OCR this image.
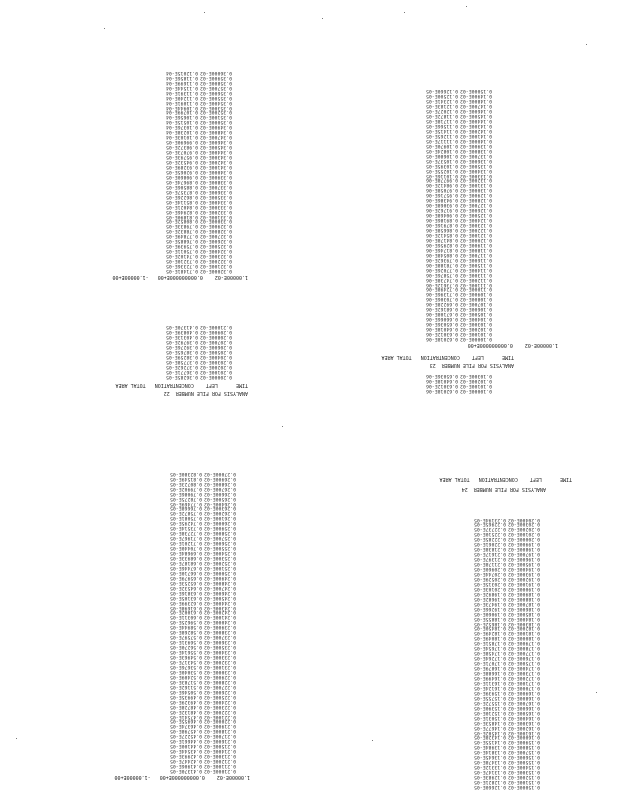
ANALYSIS FOR FILE NUMBER  22
TIME      LEFT    CONCENTRATION   TOTAL AREA
0.20000E-02
0.20100E-02
0.20200E-02
0.20300E-02
0.20400E-02
0.20500E-02
0.20600E-02
0.20700E-02
0.20800E-02
0.20900E-02
0.21000E-02
0.36285E-05
0.36771E-05
0.37262E-05
0.37758E-05
0.38259E-05
0.38765E-05
0.39276E-05
0.39792E-05
0.40313E-05
0.40839E-05
0.41370E-05
1.00000E-02    0.000000000E+00   -1.00000E+00
0.32000E-02
0.32100E-02
0.32200E-02
0.32300E-02
0.32400E-02
0.32500E-02
0.32600E-02
0.32700E-02
0.32800E-02
0.32900E-02
0.33000E-02
0.33100E-02
0.33200E-02
0.33300E-02
0.33400E-02
0.33500E-02
0.33600E-02
0.33700E-02
0.33800E-02
0.33900E-02
0.34000E-02
0.34100E-02
0.34200E-02
0.34300E-02
0.34400E-02
0.34500E-02
0.34600E-02
0.34700E-02
0.34800E-02
0.34900E-02
0.35000E-02
0.35100E-02
0.35200E-02
0.35300E-02
0.35400E-02
0.35500E-02
0.35600E-02
0.35700E-02
0.35800E-02
0.35900E-02
0.36000E-02
0.71481E-05
0.72336E-05
0.73210E-05
0.74102E-05
0.75011E-05
0.75939E-05
0.76885E-05
0.77849E-05
0.78832E-05
0.79833E-05
0.80852E-05
0.81890E-05
0.82946E-05
0.84021E-05
0.85114E-05
0.86226E-05
0.87357E-05
0.88506E-05
0.89674E-05
0.90860E-05
0.92065E-05
0.93289E-05
0.94532E-05
0.95793E-05
0.97073E-05
0.98372E-05
0.99690E-05
0.10103E-04
0.10238E-04
0.10376E-04
0.10515E-04
0.10656E-04
0.10799E-04
0.10944E-04
0.11091E-04
0.11240E-04
0.11391E-04
0.11544E-04
0.11699E-04
0.11856E-04
0.12015E-04
0.10000E-02
0.10100E-02
0.10200E-02
0.10300E-02
0.62018E-06
0.63012E-06
0.64018E-06
0.65036E-06
ANALYSIS FOR FILE NUMBER  23
TIME      LEFT    CONCENTRATION   TOTAL AREA
1.00000E-02    0.000000000E+00
0.10000E-02
0.10100E-02
0.10200E-02
0.10300E-02
0.10400E-02
0.10500E-02
0.10600E-02
0.10700E-02
0.10800E-02
0.10900E-02
0.11000E-02
0.11100E-02
0.11200E-02
0.11300E-02
0.11400E-02
0.11500E-02
0.11600E-02
0.11700E-02
0.11800E-02
0.11900E-02
0.12000E-02
0.12100E-02
0.12200E-02
0.12300E-02
0.12400E-02
0.12500E-02
0.12600E-02
0.12700E-02
0.12800E-02
0.12900E-02
0.13000E-02
0.13100E-02
0.13200E-02
0.13300E-02
0.13400E-02
0.13500E-02
0.13600E-02
0.13700E-02
0.13800E-02
0.13900E-02
0.14000E-02
0.14100E-02
0.14200E-02
0.14300E-02
0.14400E-02
0.14500E-02
0.14600E-02
0.14700E-02
0.14800E-02
0.14900E-02
0.15000E-02
0.62018E-06
0.63012E-06
0.64018E-06
0.65036E-06
0.66066E-06
0.67108E-06
0.68162E-06
0.69228E-06
0.70306E-06
0.71396E-06
0.72498E-06
0.73612E-06
0.74738E-06
0.75876E-06
0.77026E-06
0.78188E-06
0.79362E-06
0.80548E-06
0.81746E-06
0.82956E-06
0.84178E-06
0.85412E-06
0.86658E-06
0.87916E-06
0.89186E-06
0.90468E-06
0.91762E-06
0.93068E-06
0.94386E-06
0.95716E-06
0.97058E-06
0.98412E-06
0.99778E-06
0.10116E-05
0.10255E-05
0.10395E-05
0.10537E-05
0.10680E-05
0.10824E-05
0.10970E-05
0.11117E-05
0.11265E-05
0.11415E-05
0.11566E-05
0.11718E-05
0.11872E-05
0.12027E-05
0.12183E-05
0.12341E-05
0.12500E-05
0.12660E-05
1.00000E-02    0.000000000E+00   -1.00000E+00
0.21000E-02
0.21100E-02
0.21200E-02
0.21300E-02
0.21400E-02
0.21500E-02
0.21600E-02
0.21700E-02
0.21800E-02
0.21900E-02
0.22000E-02
0.22100E-02
0.22200E-02
0.22300E-02
0.22400E-02
0.22500E-02
0.22600E-02
0.22700E-02
0.22800E-02
0.22900E-02
0.23000E-02
0.23100E-02
0.23200E-02
0.23300E-02
0.23400E-02
0.23500E-02
0.23600E-02
0.23700E-02
0.23800E-02
0.23900E-02
0.24000E-02
0.24100E-02
0.24200E-02
0.24300E-02
0.24400E-02
0.24500E-02
0.24600E-02
0.24700E-02
0.24800E-02
0.24900E-02
0.25000E-02
0.25100E-02
0.25200E-02
0.25300E-02
0.25400E-02
0.25500E-02
0.25600E-02
0.25700E-02
0.25800E-02
0.25900E-02
0.26000E-02
0.26100E-02
0.26200E-02
0.26300E-02
0.26400E-02
0.26500E-02
0.26600E-02
0.26700E-02
0.26800E-02
0.26900E-02
0.27000E-02
0.41370E-05
0.41906E-05
0.42447E-05
0.42993E-05
0.43544E-05
0.44100E-05
0.44661E-05
0.45227E-05
0.45798E-05
0.46374E-05
0.46955E-05
0.47541E-05
0.48132E-05
0.48728E-05
0.49329E-05
0.49935E-05
0.50546E-05
0.51162E-05
0.51783E-05
0.52409E-05
0.53040E-05
0.53676E-05
0.54317E-05
0.54963E-05
0.55614E-05
0.56270E-05
0.56931E-05
0.57597E-05
0.58268E-05
0.58944E-05
0.59625E-05
0.60311E-05
0.61002E-05
0.61698E-05
0.62399E-05
0.63105E-05
0.63816E-05
0.64532E-05
0.65253E-05
0.65979E-05
0.66710E-05
0.67446E-05
0.68187E-05
0.68933E-05
0.69684E-05
0.70440E-05
0.71201E-05
0.71967E-05
0.72738E-05
0.73514E-05
0.74295E-05
0.75081E-05
0.75872E-05
0.76668E-05
0.77469E-05
0.78275E-05
0.79086E-05
0.79902E-05
0.80723E-05
0.81549E-05
0.82380E-05
0.15000E-02
0.15100E-02
0.15200E-02
0.15300E-02
0.15400E-02
0.15500E-02
0.15600E-02
0.15700E-02
0.15800E-02
0.15900E-02
0.16000E-02
0.16100E-02
0.16200E-02
0.16300E-02
0.16400E-02
0.16500E-02
0.16600E-02
0.16700E-02
0.16800E-02
0.16900E-02
0.17000E-02
0.17100E-02
0.17200E-02
0.17300E-02
0.17400E-02
0.17500E-02
0.17600E-02
0.17700E-02
0.17800E-02
0.17900E-02
0.18000E-02
0.18100E-02
0.18200E-02
0.18300E-02
0.18400E-02
0.18500E-02
0.18600E-02
0.18700E-02
0.18800E-02
0.18900E-02
0.19000E-02
0.19100E-02
0.19200E-02
0.19300E-02
0.19400E-02
0.19500E-02
0.19600E-02
0.19700E-02
0.19800E-02
0.19900E-02
0.20000E-02
0.20100E-02
0.20200E-02
0.20300E-02
0.20400E-02
0.12660E-05
0.12821E-05
0.12983E-05
0.13147E-05
0.13312E-05
0.13478E-05
0.13645E-05
0.13814E-05
0.13984E-05
0.14155E-05
0.14328E-05
0.14502E-05
0.14677E-05
0.14853E-05
0.15031E-05
0.15210E-05
0.15390E-05
0.15572E-05
0.15755E-05
0.15939E-05
0.16124E-05
0.16311E-05
0.16499E-05
0.16688E-05
0.16879E-05
0.17071E-05
0.17264E-05
0.17458E-05
0.17654E-05
0.17851E-05
0.18049E-05
0.18249E-05
0.18450E-05
0.18652E-05
0.18855E-05
0.19060E-05
0.19266E-05
0.19473E-05
0.19682E-05
0.19892E-05
0.20103E-05
0.20315E-05
0.20529E-05
0.20744E-05
0.20960E-05
0.21178E-05
0.21397E-05
0.21617E-05
0.21838E-05
0.22061E-05
0.22285E-05
0.22510E-05
0.22737E-05
0.22965E-05
0.23194E-05
ANALYSIS FOR FILE NUMBER  24
TIME      LEFT    CONCENTRATION   TOTAL AREA
